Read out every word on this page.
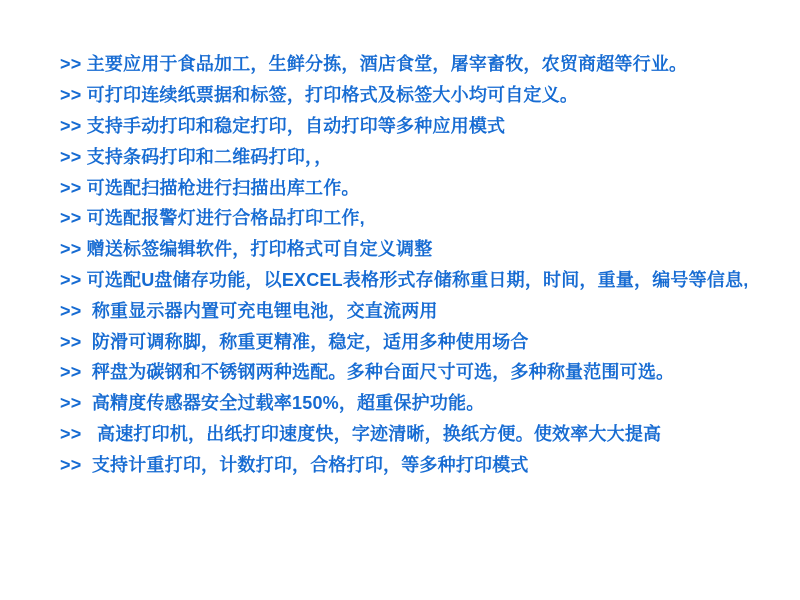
>> 主要应用于食品加工，生鲜分拣，酒店食堂，屠宰畜牧，农贸商超等行业。
>> 可打印连续纸票据和标签，打印格式及标签大小均可自定义。
>> 支持手动打印和稳定打印，自动打印等多种应用模式
>> 支持条码打印和二维码打印，，
>> 可选配扫描枪进行扫描出库工作。
>> 可选配报警灯进行合格品打印工作,
>> 赠送标签编辑软件，打印格式可自定义调整
>> 可选配U盘储存功能，以EXCEL表格形式存储称重日期，时间，重量，编号等信息,
>>  称重显示器内置可充电锂电池，交直流两用
>>  防滑可调称脚，称重更精准，稳定，适用多种使用场合
>>  秤盘为碳钢和不锈钢两种选配。多种台面尺寸可选，多种称量范围可选。
>>  高精度传感器安全过载率150%，超重保护功能。
>>   高速打印机，出纸打印速度快，字迹清晰，换纸方便。使效率大大提高
>>  支持计重打印，计数打印，合格打印，等多种打印模式
